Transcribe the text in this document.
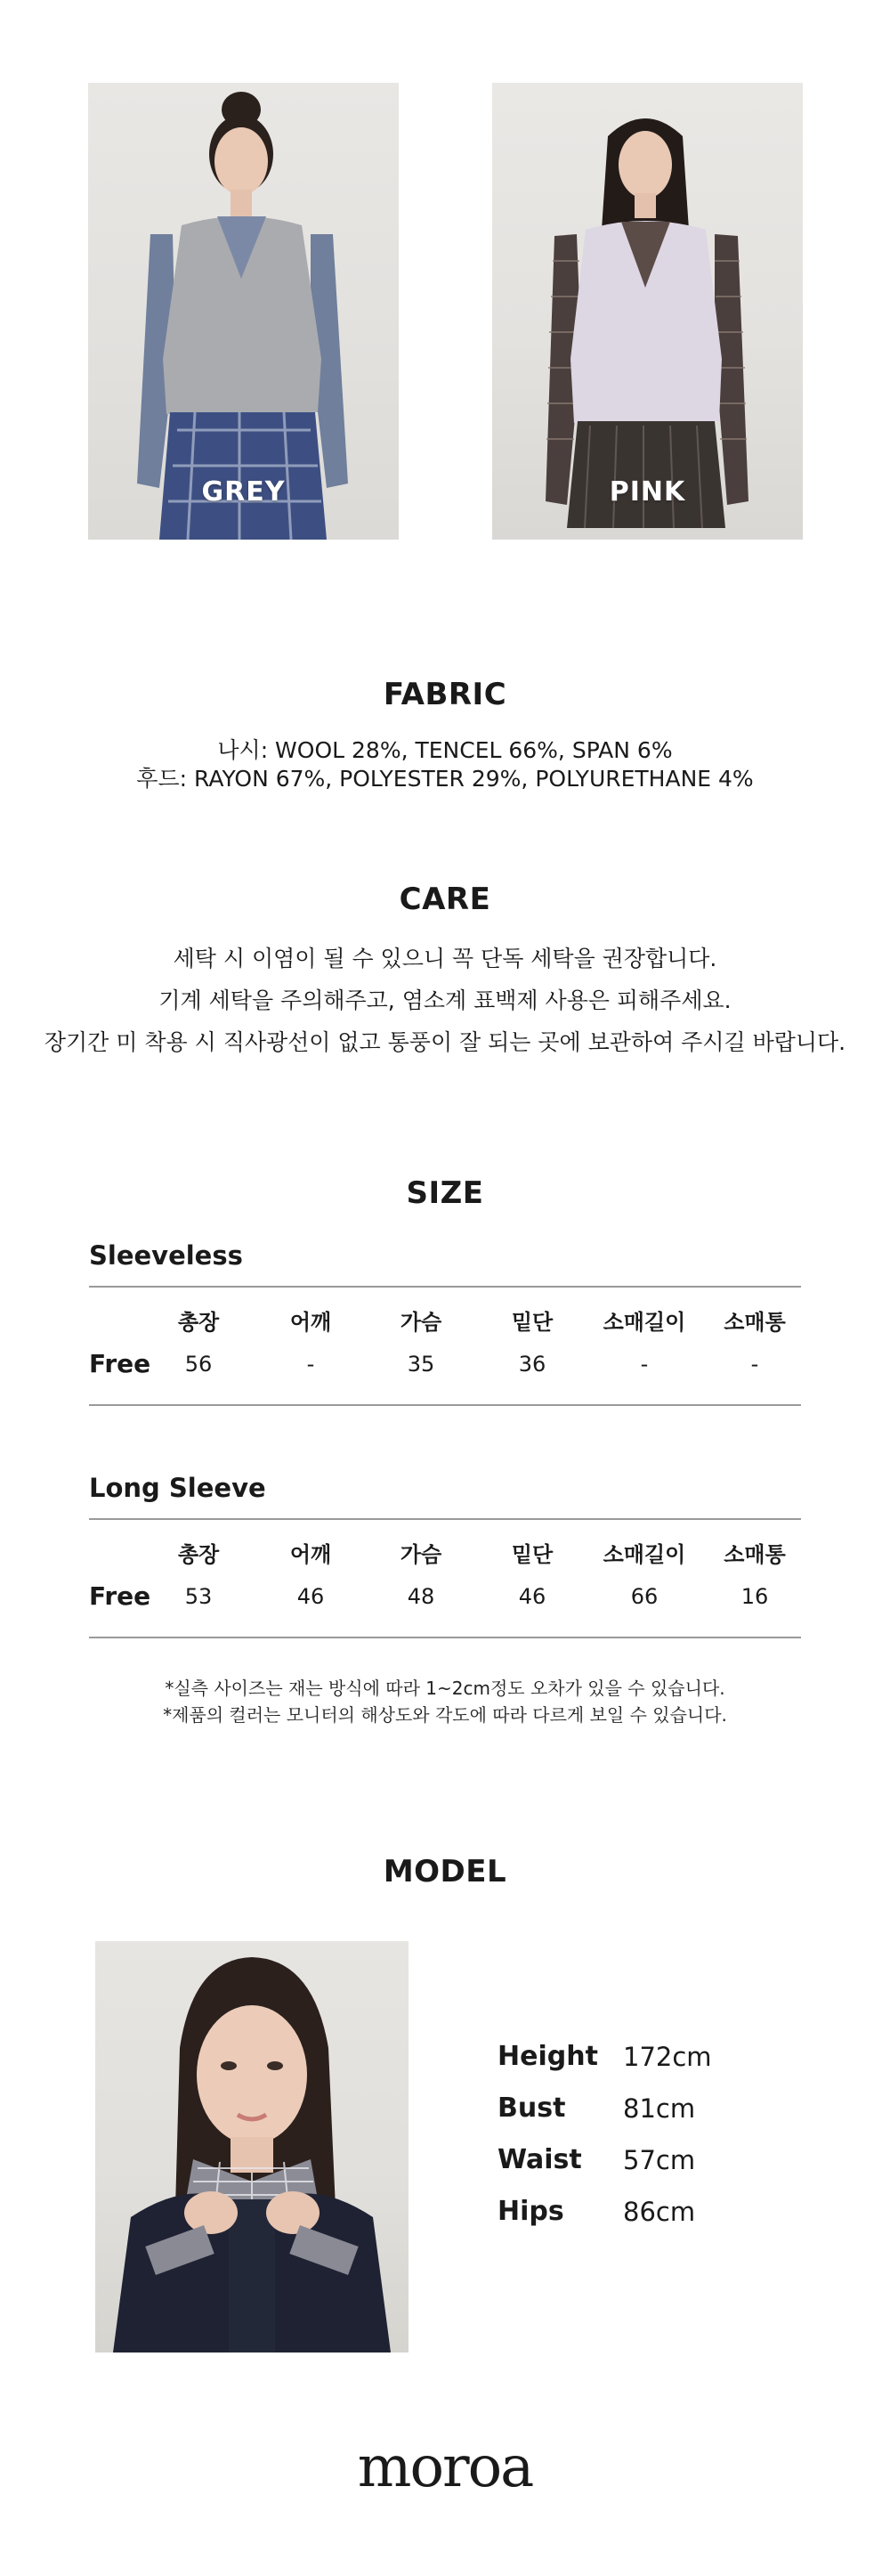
GREY	PINK
FABRIC
나시: WOOL 28%, TENCEL 66%, SPAN 6%
후드: RAYON 67%, POLYESTER 29%, POLYURETHANE 4%
CARE
세탁 시 이염이 될 수 있으니 꼭 단독 세탁을 권장합니다.
기계 세탁을 주의해주고, 염소계 표백제 사용은 피해주세요.
장기간 미 착용 시 직사광선이 없고 통풍이 잘 되는 곳에 보관하여 주시길 바랍니다.
SIZE
Sleeveless
총장	어깨	가슴	밑단	소매길이	소매통
Free	56	-	35	36	-	-
Long Sleeve
총장	어깨	가슴	밑단	소매길이	소매통
Free	53	46	48	46	66	16
*실측 사이즈는 재는 방식에 따라 1~2cm정도 오차가 있을 수 있습니다.
*제품의 컬러는 모니터의 해상도와 각도에 따라 다르게 보일 수 있습니다.
MODEL
Height 172cm
Bust 81cm
Waist 57cm
Hips 86cm
moroa
